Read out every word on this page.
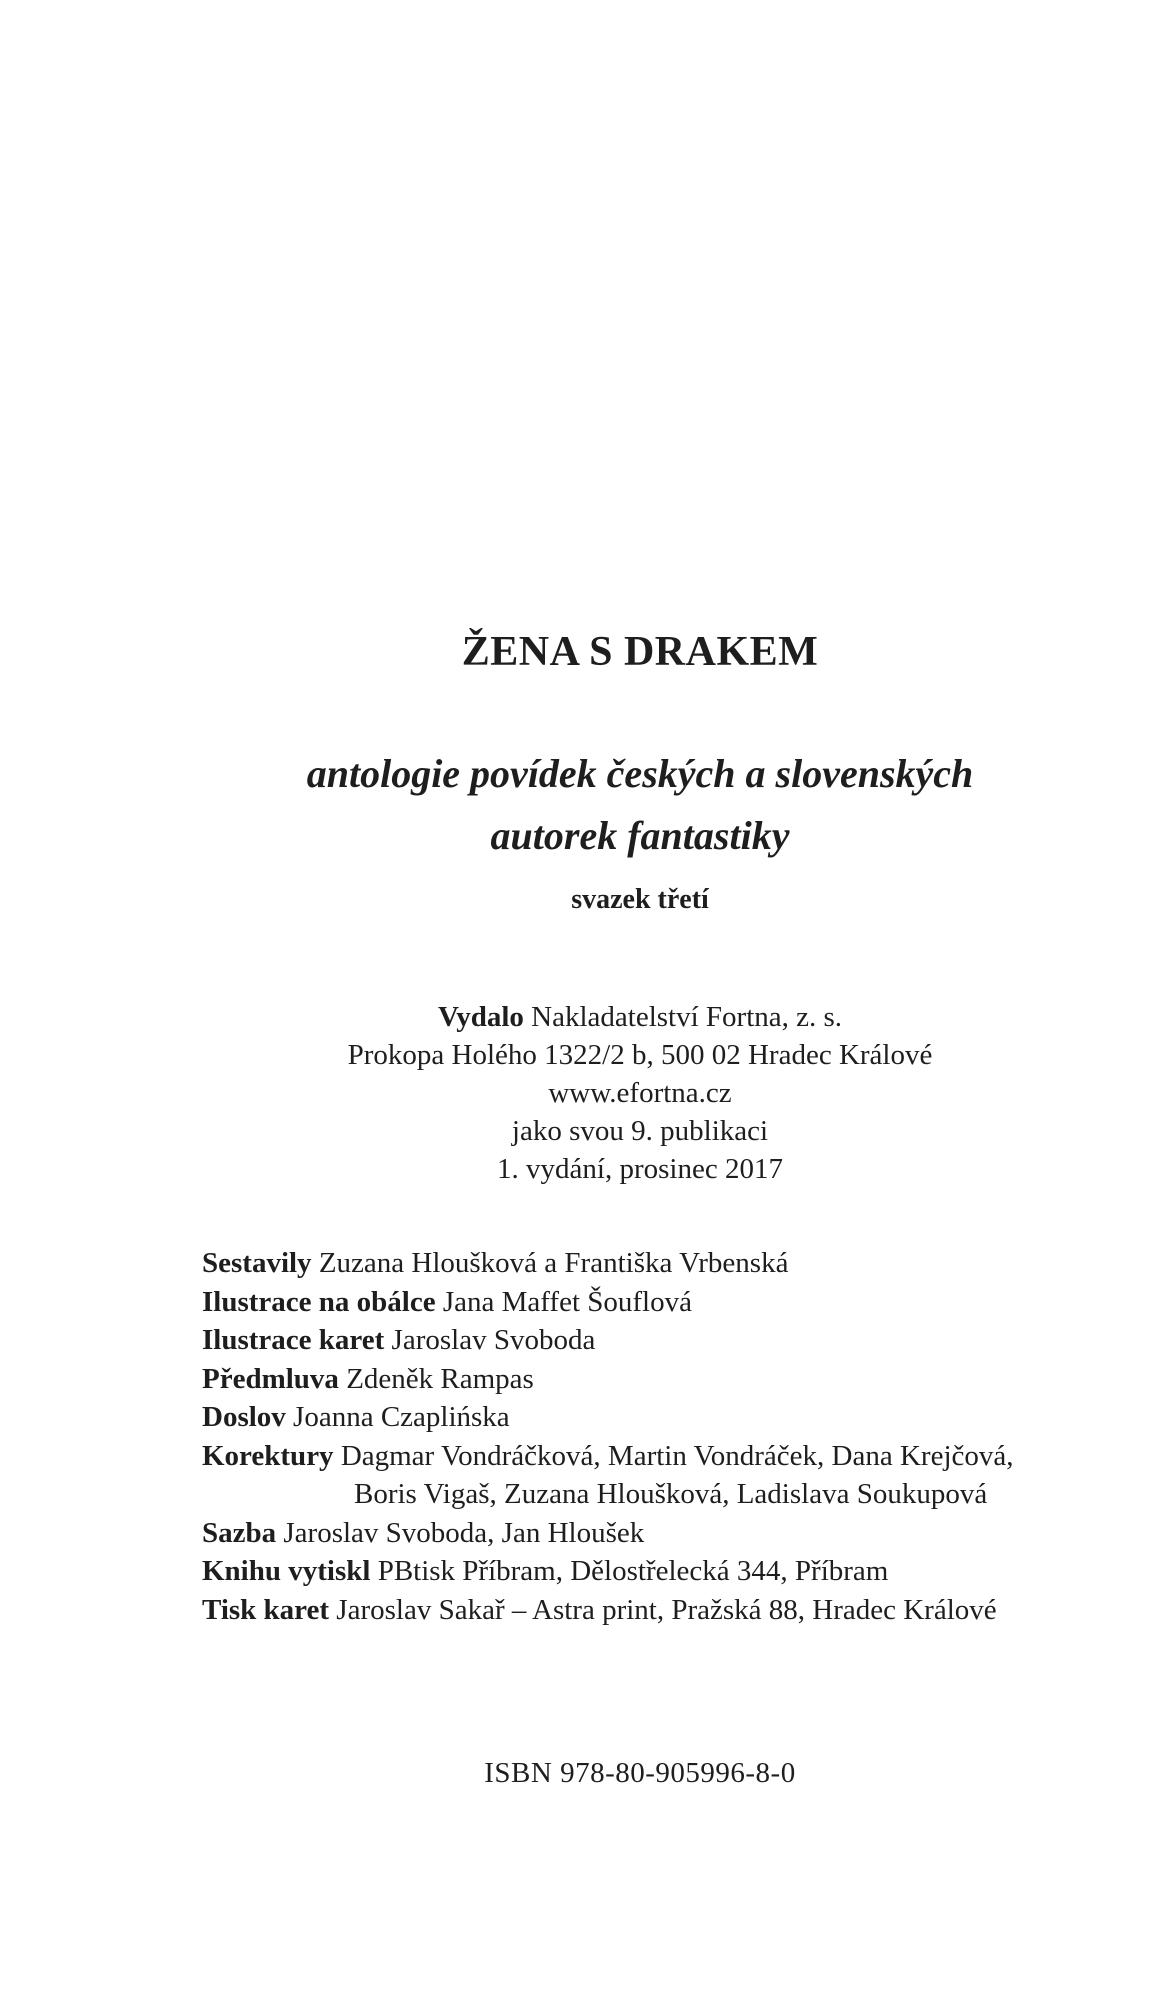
ŽENA S DRAKEM
antologie povídek českých a slovenských
autorek fantastiky
svazek třetí
Vydalo Nakladatelství Fortna, z. s.
Prokopa Holého 1322/2 b, 500 02 Hradec Králové
www.efortna.cz
jako svou 9. publikaci
1. vydání, prosinec 2017
Sestavily Zuzana Hloušková a Františka Vrbenská
Ilustrace na obálce Jana Maffet Šouflová
Ilustrace karet Jaroslav Svoboda
Předmluva Zdeněk Rampas
Doslov Joanna Czaplińska
Korektury Dagmar Vondráčková, Martin Vondráček, Dana Krejčová,
Boris Vigaš, Zuzana Hloušková, Ladislava Soukupová
Sazba Jaroslav Svoboda, Jan Hloušek
Knihu vytiskl PBtisk Příbram, Dělostřelecká 344, Příbram
Tisk karet Jaroslav Sakař – Astra print, Pražská 88, Hradec Králové
ISBN 978-80-905996-8-0
